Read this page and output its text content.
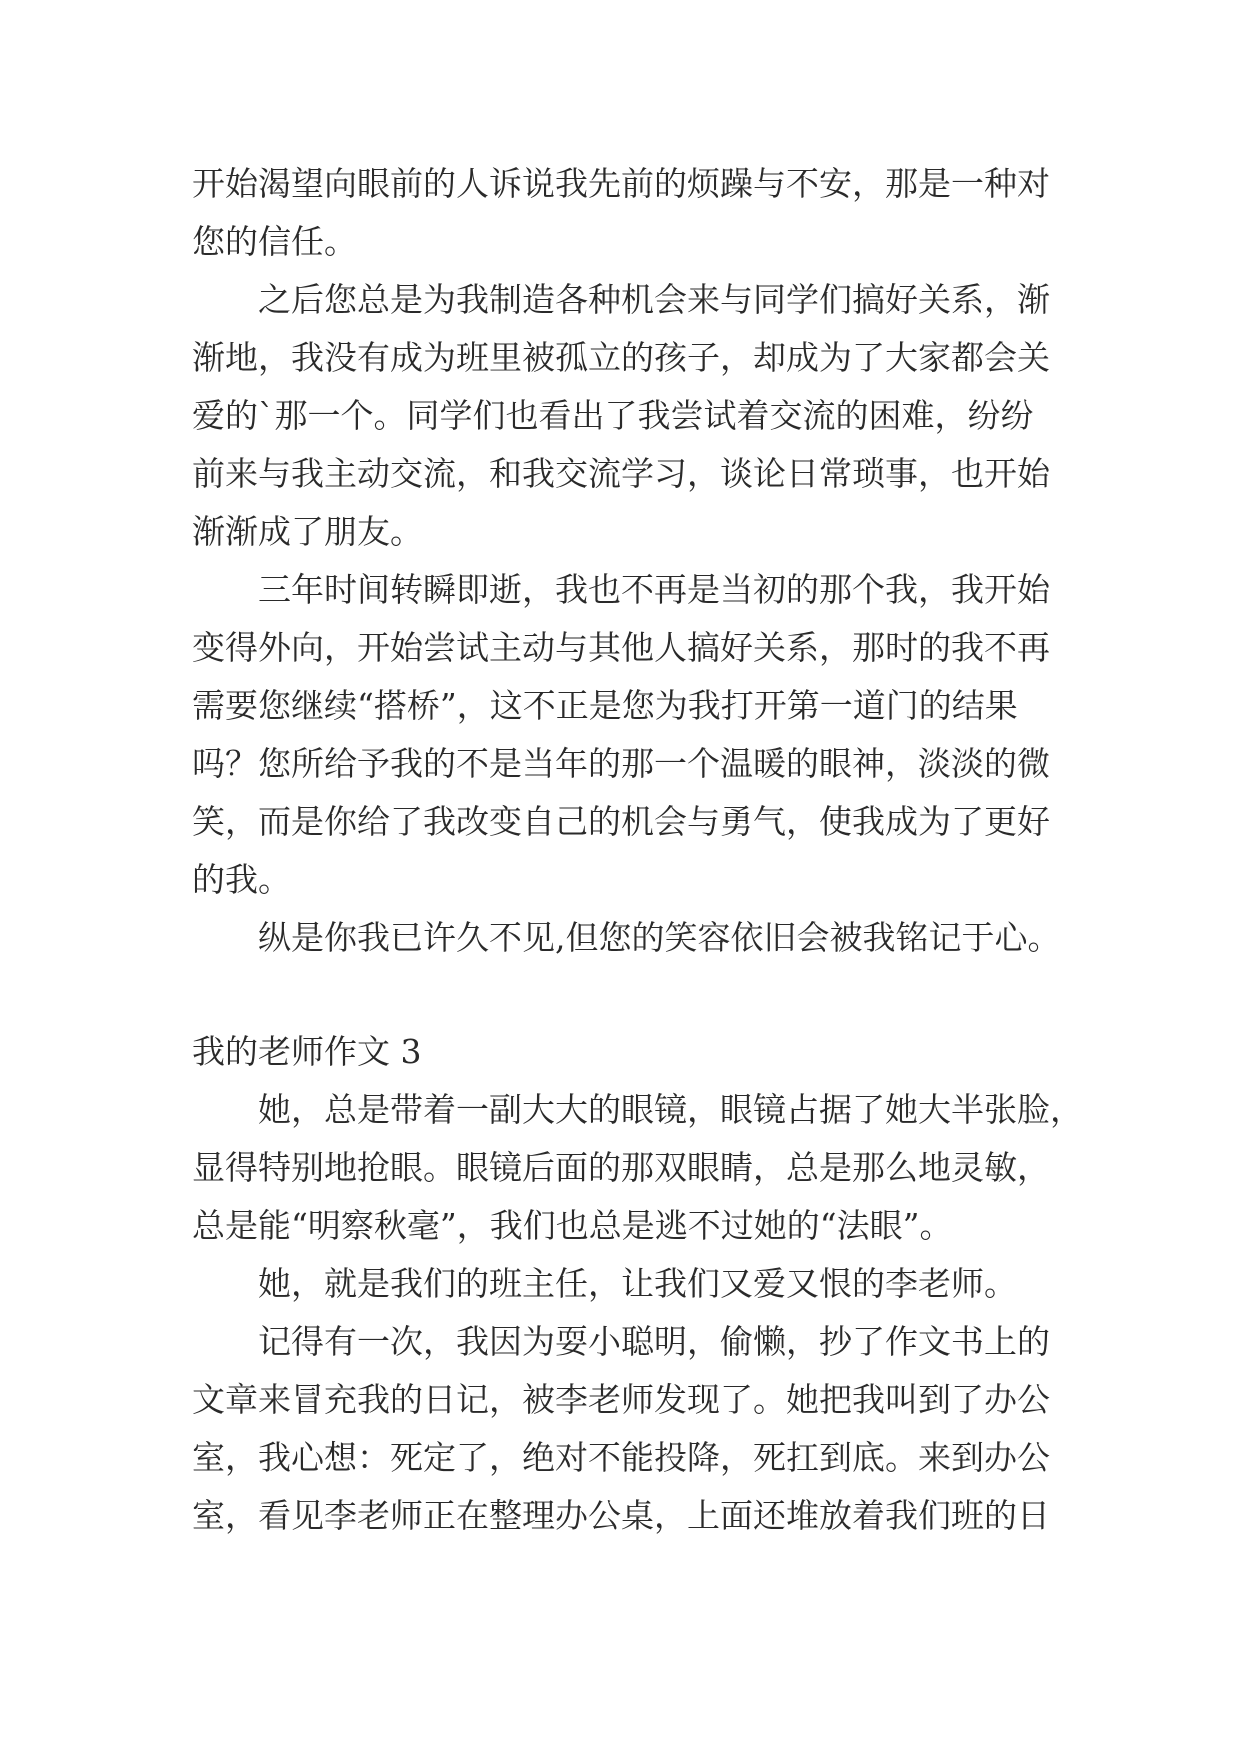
开始渴望向眼前的人诉说我先前的烦躁与不安，那是一种对
您的信任。
之后您总是为我制造各种机会来与同学们搞好关系，渐
渐地，我没有成为班里被孤立的孩子，却成为了大家都会关
爱的`那一个。同学们也看出了我尝试着交流的困难，纷纷
前来与我主动交流，和我交流学习，谈论日常琐事，也开始
渐渐成了朋友。
三年时间转瞬即逝，我也不再是当初的那个我，我开始
变得外向，开始尝试主动与其他人搞好关系，那时的我不再
需要您继续“搭桥”，这不正是您为我打开第一道门的结果
吗？您所给予我的不是当年的那一个温暖的眼神，淡淡的微
笑，而是你给了我改变自己的机会与勇气，使我成为了更好
的我。
纵是你我已许久不见,但您的笑容依旧会被我铭记于心。
我的老师作文 3
她，总是带着一副大大的眼镜，眼镜占据了她大半张脸，
显得特别地抢眼。眼镜后面的那双眼睛，总是那么地灵敏，
总是能“明察秋毫”，我们也总是逃不过她的“法眼”。
她，就是我们的班主任，让我们又爱又恨的李老师。
记得有一次，我因为耍小聪明，偷懒，抄了作文书上的
文章来冒充我的日记，被李老师发现了。她把我叫到了办公
室，我心想：死定了，绝对不能投降，死扛到底。来到办公
室，看见李老师正在整理办公桌，上面还堆放着我们班的日
